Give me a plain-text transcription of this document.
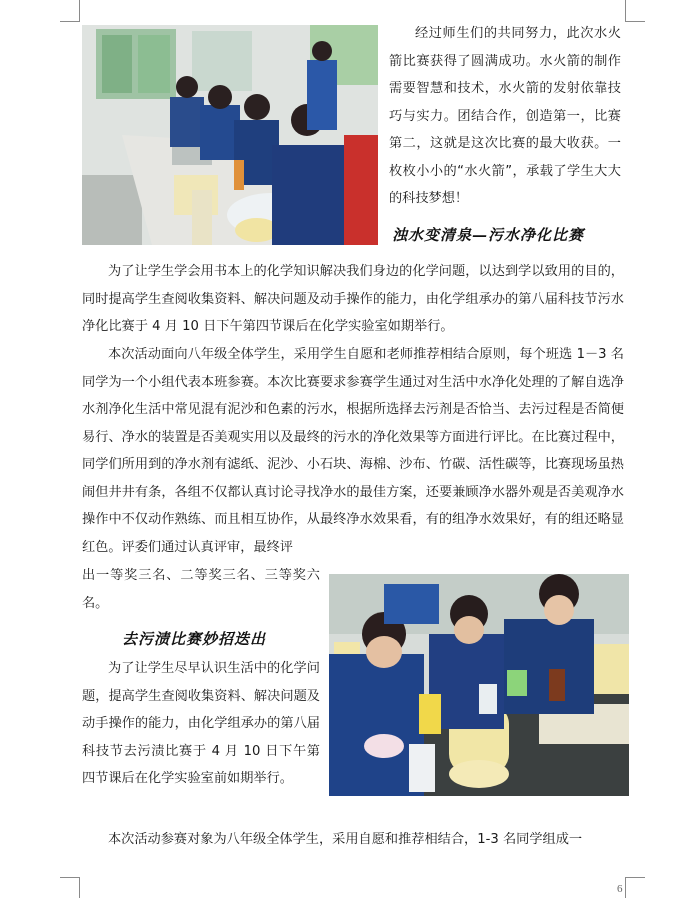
经过师生们的共同努力，此次水火箭比赛获得了圆满成功。水火箭的制作需要智慧和技术，水火箭的发射依靠技巧与实力。团结合作，创造第一，比赛第二，这就是这次比赛的最大收获。一枚枚小小的“水火箭”，承载了学生大大的科技梦想！

浊水变清泉—污水净化比赛

为了让学生学会用书本上的化学知识解决我们身边的化学问题，以达到学以致用的目的，同时提高学生查阅收集资料、解决问题及动手操作的能力，由化学组承办的第八届科技节污水净化比赛于 4 月 10 日下午第四节课后在化学实验室如期举行。

本次活动面向八年级全体学生，采用学生自愿和老师推荐相结合原则，每个班选 1－3 名同学为一个小组代表本班参赛。本次比赛要求参赛学生通过对生活中水净化处理的了解自选净水剂净化生活中常见混有泥沙和色素的污水，根据所选择去污剂是否恰当、去污过程是否简便易行、净水的装置是否美观实用以及最终的污水的净化效果等方面进行评比。在比赛过程中，同学们所用到的净水剂有滤纸、泥沙、小石块、海棉、沙布、竹碳、活性碳等，比赛现场虽热闹但井井有条，各组不仅都认真讨论寻找净水的最佳方案，还要兼顾净水器外观是否美观净水操作中不仅动作熟练、而且相互协作，从最终净水效果看，有的组净水效果好，有的组还略显红色。评委们通过认真评审，最终评

出一等奖三名、二等奖三名、三等奖六名。

去污渍比赛妙招迭出

为了让学生尽早认识生活中的化学问题，提高学生查阅收集资料、解决问题及动手操作的能力，由化学组承办的第八届科技节去污渍比赛于 4 月 10 日下午第四节课后在化学实验室前如期举行。

本次活动参赛对象为八年级全体学生，采用自愿和推荐相结合，1-3 名同学组成一

6
